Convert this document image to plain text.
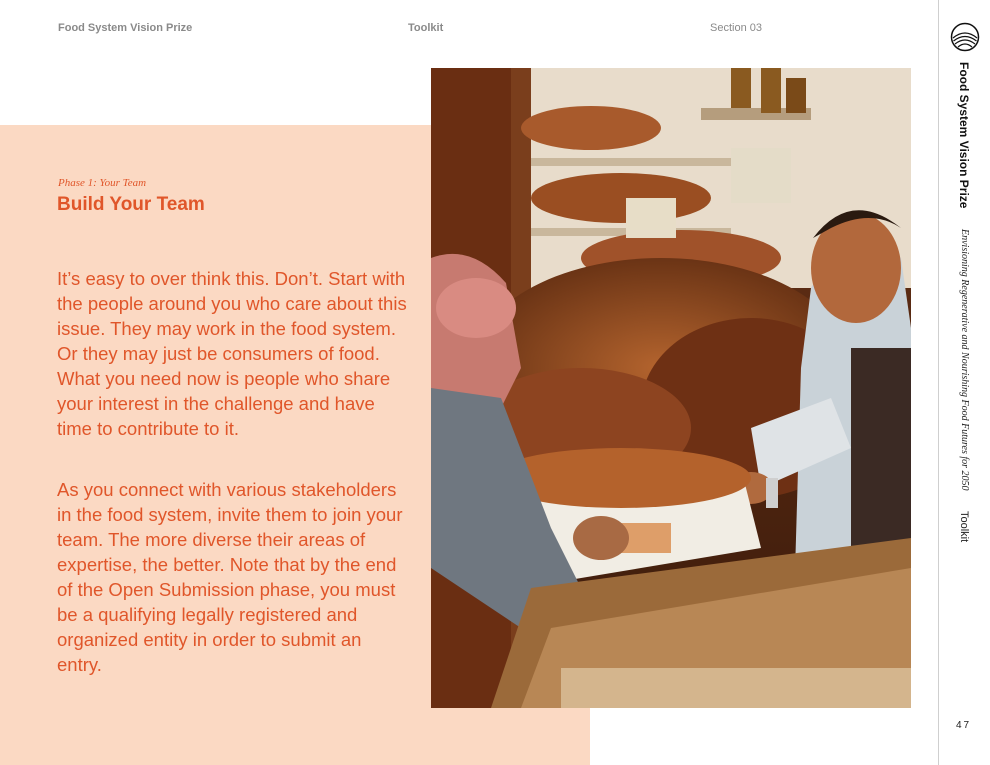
Food System Vision Prize	Toolkit	Section 03
Phase 1: Your Team
Build Your Team

It’s easy to over think this. Don’t. Start with the people around you who care about this issue. They may work in the food system. Or they may just be consumers of food. What you need now is people who share your interest in the challenge and have time to contribute to it.

As you connect with various stakeholders in the food system, invite them to join your team. The more diverse their areas of expertise, the better. Note that by the end of the Open Submission phase, you must be a qualifying legally registered and organized entity in order to submit an entry.

Food System Vision Prize Envisioning Regenerative and Nourishing Food Futures for 2050 Toolkit
47
